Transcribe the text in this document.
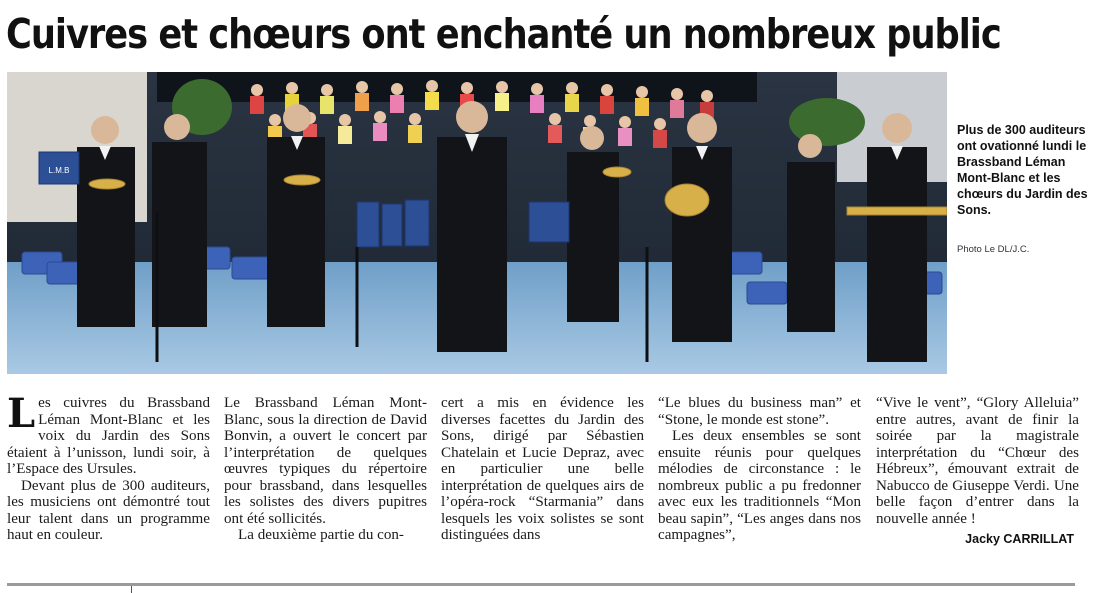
Cuivres et chœurs ont enchanté un nombreux public
L.M.B
Plus de 300 auditeurs ont ovationné lundi le Brassband Léman Mont-Blanc et les chœurs du Jardin des Sons.
Photo Le DL/J.C.

Les cuivres du Brassband Léman Mont-Blanc et les voix du Jardin des Sons étaient à l’unisson, lundi soir, à l’Espace des Ursules.

Devant plus de 300 auditeurs, les musiciens ont démontré tout leur talent dans un programme haut en couleur.

Le Brassband Léman Mont-Blanc, sous la direction de David Bonvin, a ouvert le concert par l’interprétation de quelques œuvres typiques du répertoire pour brassband, dans lesquelles les solistes des divers pupitres ont été sollicités.

La deuxième partie du con-

cert a mis en évidence les diverses facettes du Jardin des Sons, dirigé par Sébastien Chatelain et Lucie Depraz, avec en particulier une belle interprétation de quelques airs de l’opéra-rock “Starmania” dans lesquels les voix solistes se sont distinguées dans

“Le blues du business man” et “Stone, le monde est stone”.

Les deux ensembles se sont ensuite réunis pour quelques mélodies de circonstance : le nombreux public a pu fredonner avec eux les traditionnels “Mon beau sapin”, “Les anges dans nos campagnes”,

“Vive le vent”, “Glory Alleluia” entre autres, avant de finir la soirée par la magistrale interprétation du “Chœur des Hébreux”, émouvant extrait de Nabucco de Giuseppe Verdi. Une belle façon d’entrer dans la nouvelle année !

Jacky CARRILLAT
